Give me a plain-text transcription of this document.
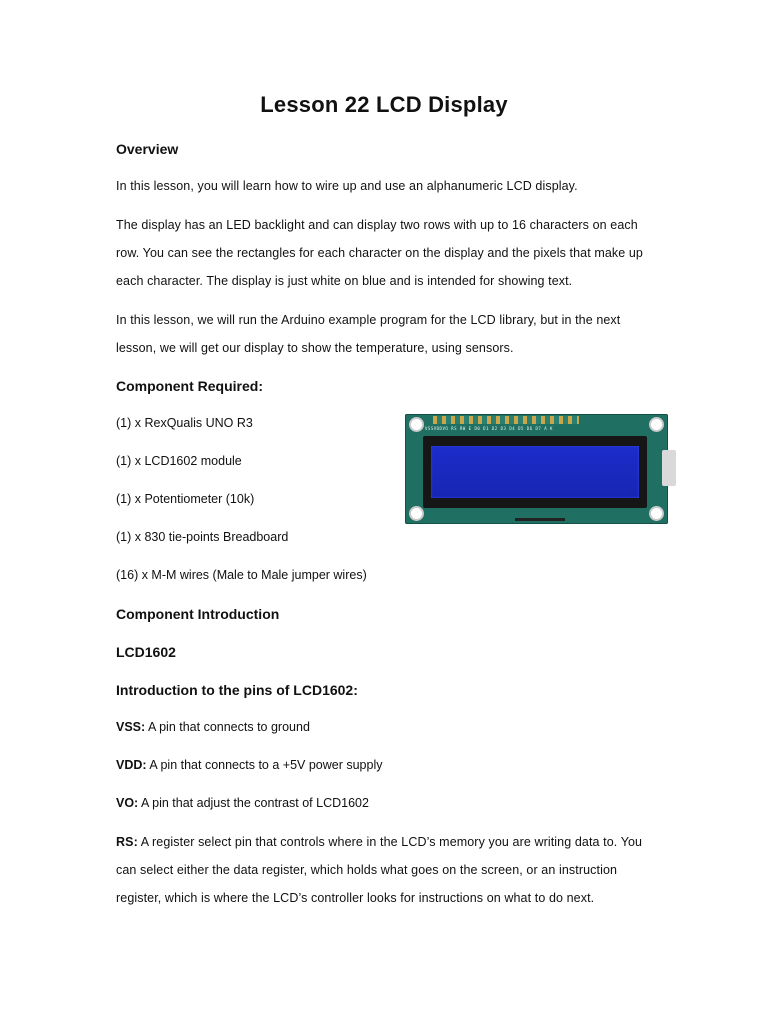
Lesson 22 LCD Display
Overview
In this lesson, you will learn how to wire up and use an alphanumeric LCD display.
The display has an LED backlight and can display two rows with up to 16 characters on each row. You can see the rectangles for each character on the display and the pixels that make up each character. The display is just white on blue and is intended for showing text.
In this lesson, we will run the Arduino example program for the LCD library, but in the next lesson, we will get our display to show the temperature, using sensors.
Component Required:
(1) x RexQualis UNO R3
(1) x LCD1602 module
(1) x Potentiometer (10k)
(1) x 830 tie-points Breadboard
(16) x M-M wires (Male to Male jumper wires)
VSSVDDVO RS RW E D0 D1 D2 D3 D4 D5 D6 D7 A K
Component Introduction
LCD1602
Introduction to the pins of LCD1602:
VSS: A pin that connects to ground
VDD: A pin that connects to a +5V power supply
VO: A pin that adjust the contrast of LCD1602
RS: A register select pin that controls where in the LCD’s memory you are writing data to. You can select either the data register, which holds what goes on the screen, or an instruction register, which is where the LCD’s controller looks for instructions on what to do next.
